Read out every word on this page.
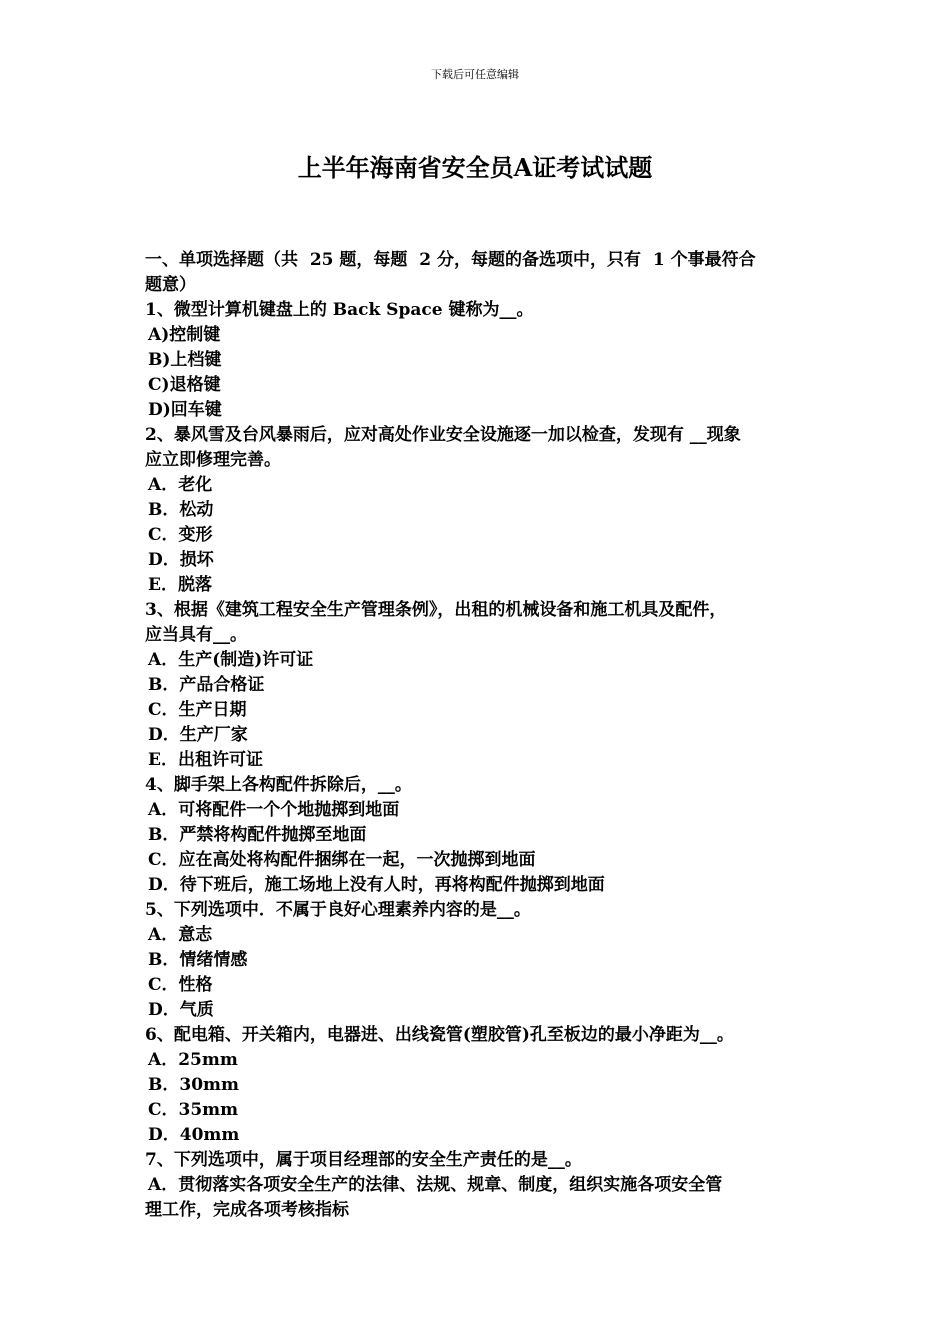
下载后可任意编辑
上半年海南省安全员A证考试试题
一、单项选择题（共  25 题，每题  2 分，每题的备选项中，只有  1 个事最符合
题意）
1、微型计算机键盘上的 Back Space 键称为__。
A)控制键
B)上档键
C)退格键
D)回车键
2、暴风雪及台风暴雨后，应对高处作业安全设施逐一加以检查，发现有 __现象
应立即修理完善。
A．老化
B．松动
C．变形
D．损坏
E．脱落
3、根据《建筑工程安全生产管理条例》，出租的机械设备和施工机具及配件，
应当具有__。
A．生产(制造)许可证
B．产品合格证
C．生产日期
D．生产厂家
E．出租许可证
4、脚手架上各构配件拆除后，__。
A．可将配件一个个地抛掷到地面
B．严禁将构配件抛掷至地面
C．应在高处将构配件捆绑在一起，一次抛掷到地面
D．待下班后，施工场地上没有人时，再将构配件抛掷到地面
5、下列选项中．不属于良好心理素养内容的是__。
A．意志
B．情绪情感
C．性格
D．气质
6、配电箱、开关箱内，电器进、出线瓷管(塑胶管)孔至板边的最小净距为__。
A．25mm
B．30mm
C．35mm
D．40mm
7、下列选项中，属于项目经理部的安全生产责任的是__。
A．贯彻落实各项安全生产的法律、法规、规章、制度，组织实施各项安全管
理工作，完成各项考核指标
